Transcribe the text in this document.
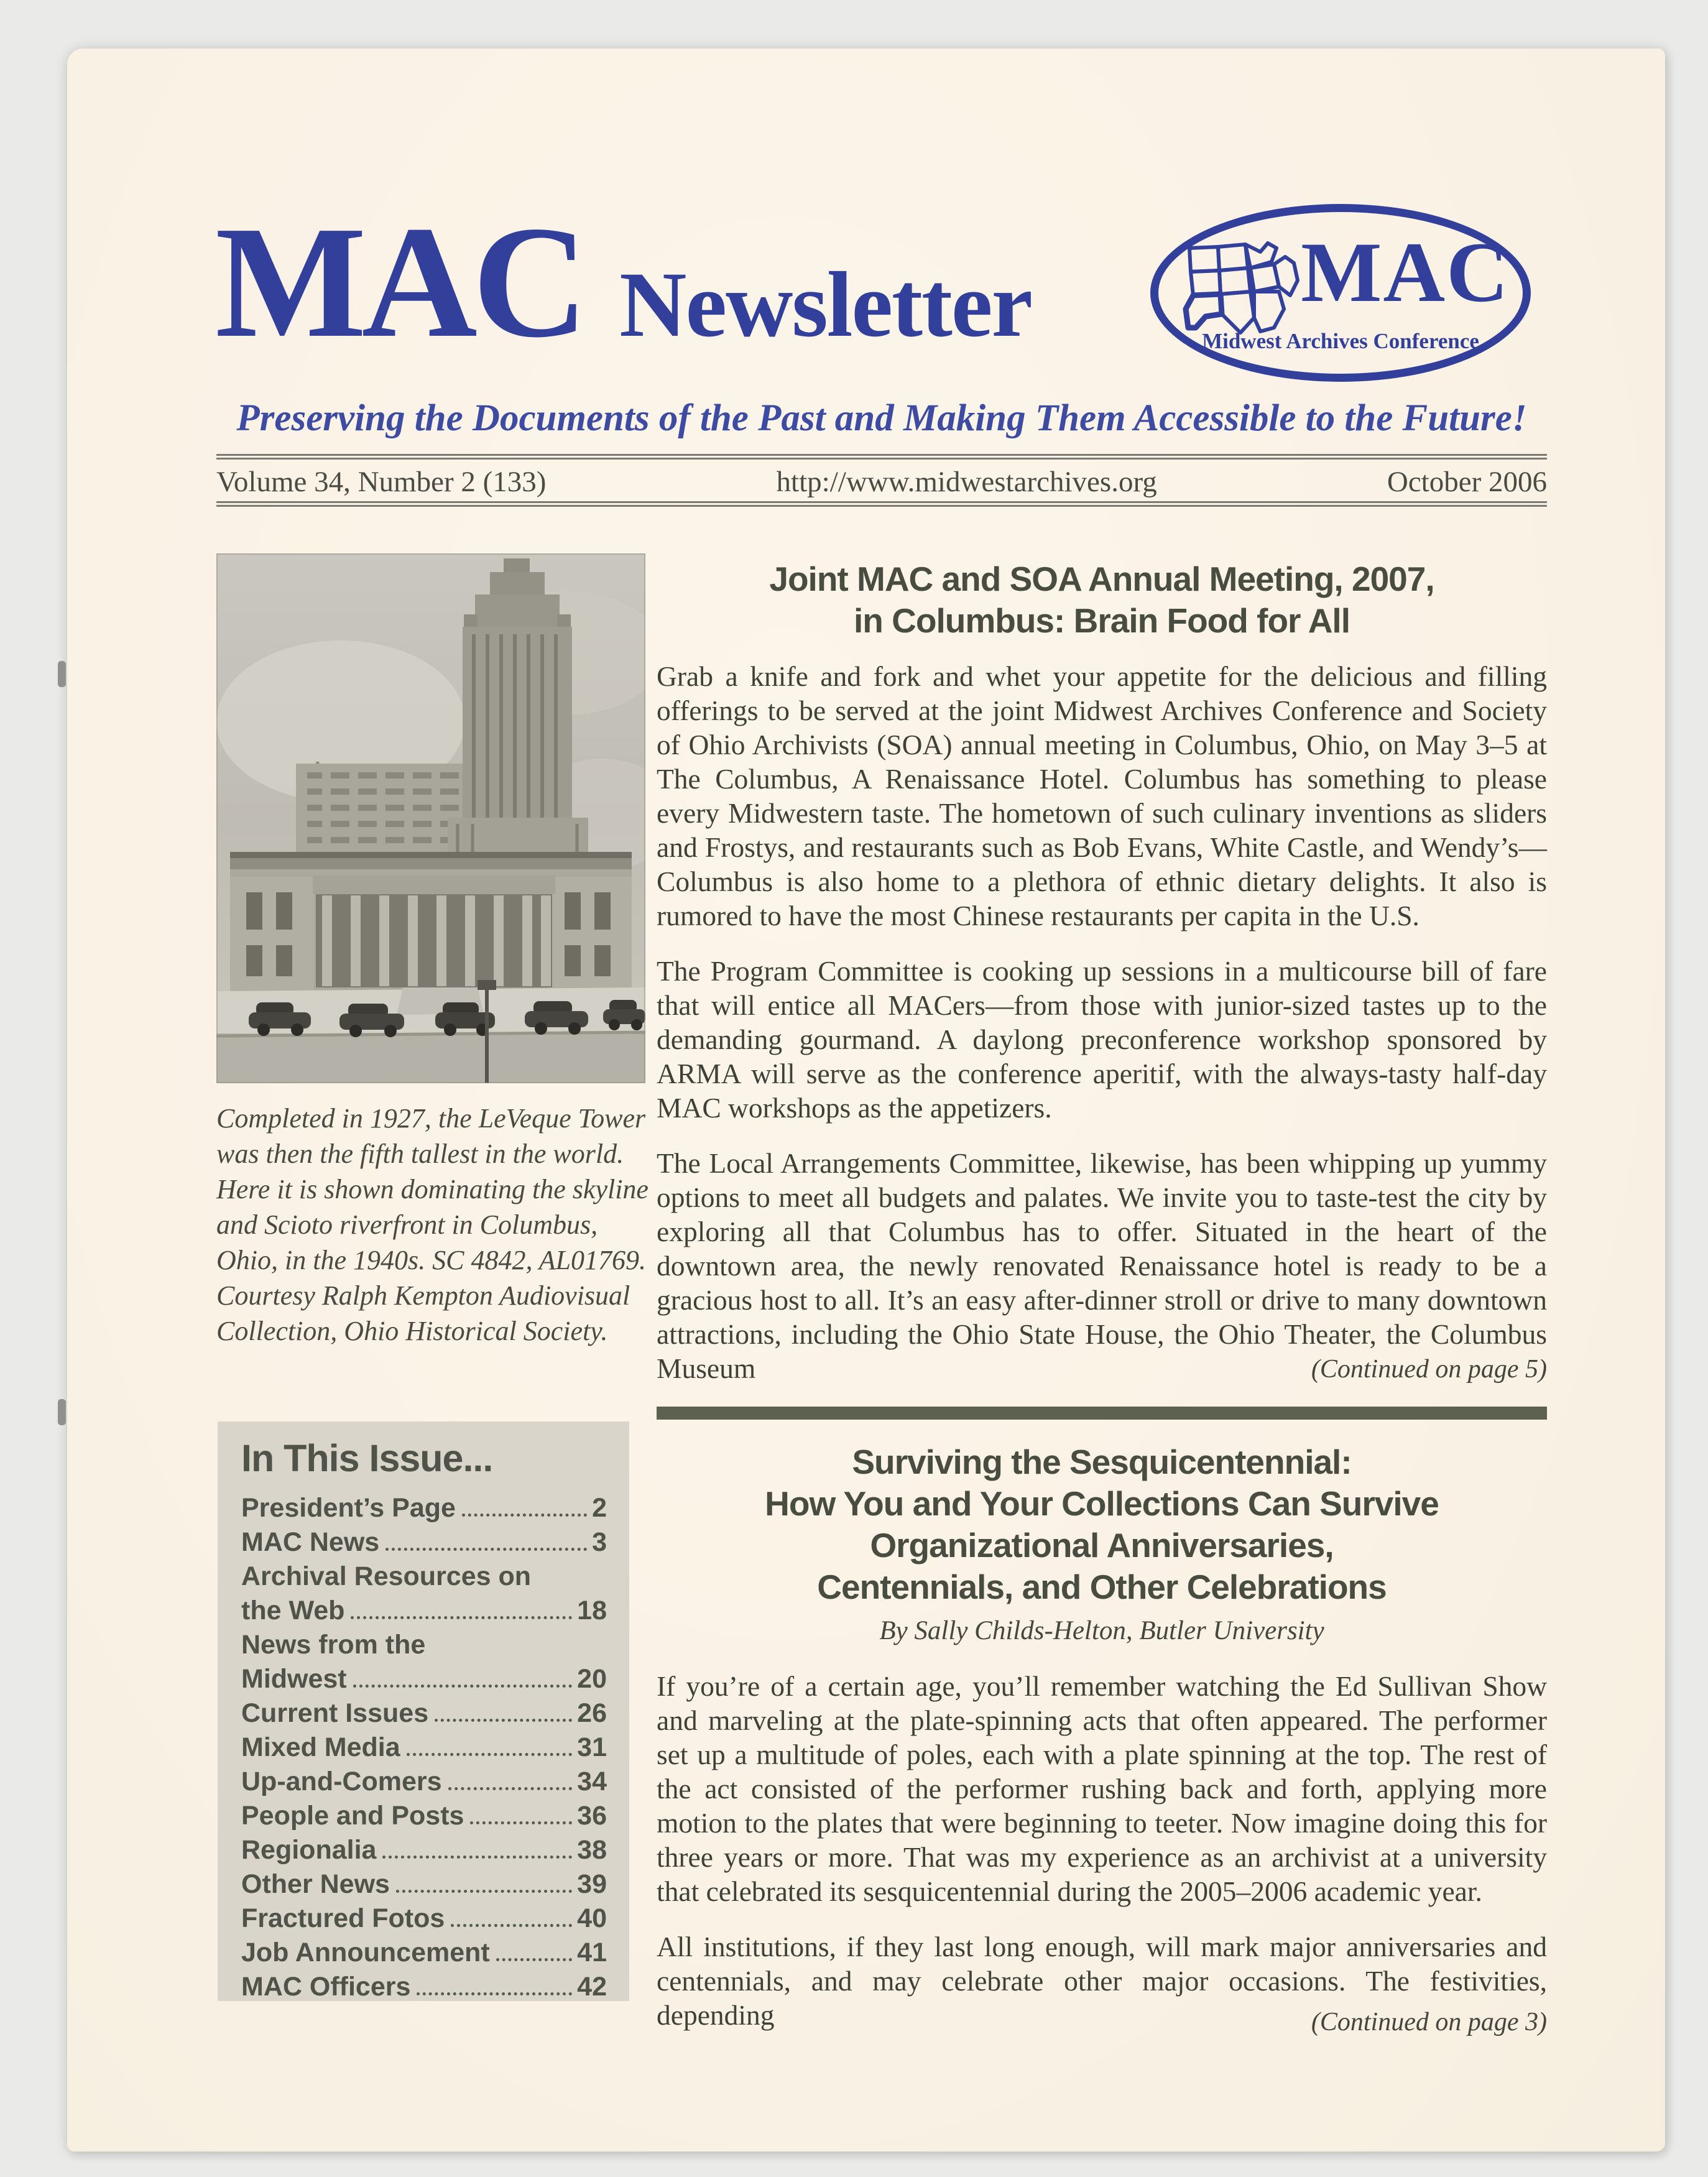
MAC Newsletter	MAC
Midwest Archives Conference
Preserving the Documents of the Past and Making Them Accessible to the Future!
Volume 34, Number 2 (133)	http://www.midwestarchives.org	October 2006
Completed in 1927, the LeVeque Tower was then the fifth tallest in the world. Here it is shown dominating the skyline and Scioto riverfront in Columbus, Ohio, in the 1940s. SC 4842, AL01769. Courtesy Ralph Kempton Audiovisual Collection, Ohio Historical Society.
In This Issue...
President’s Page	2
MAC News	3
Archival Resources on
the Web	18
News from the
Midwest	20
Current Issues	26
Mixed Media	31
Up-and-Comers	34
People and Posts	36
Regionalia	38
Other News	39
Fractured Fotos	40
Job Announcement	41
MAC Officers	42
Joint MAC and SOA Annual Meeting, 2007,
in Columbus: Brain Food for All

Grab a knife and fork and whet your appetite for the delicious and filling offerings to be served at the joint Midwest Archives Conference and Society of Ohio Archivists (SOA) annual meeting in Columbus, Ohio, on May 3–5 at The Columbus, A Renaissance Hotel. Columbus has something to please every Midwestern taste. The hometown of such culinary inventions as sliders and Frostys, and restaurants such as Bob Evans, White Castle, and Wendy’s—Columbus is also home to a plethora of ethnic dietary delights. It also is rumored to have the most Chinese restaurants per capita in the U.S.

The Program Committee is cooking up sessions in a multicourse bill of fare that will entice all MACers—from those with junior-sized tastes up to the demanding gourmand. A daylong preconference workshop sponsored by ARMA will serve as the conference aperitif, with the always-tasty half-day MAC workshops as the appetizers.

The Local Arrangements Committee, likewise, has been whipping up yummy options to meet all budgets and palates. We invite you to taste-test the city by exploring all that Columbus has to offer. Situated in the heart of the downtown area, the newly renovated Renaissance hotel is ready to be a gracious host to all. It’s an easy after-dinner stroll or drive to many downtown attractions, including the Ohio State House, the Ohio Theater, the Columbus Museum	(Continued on page 5)
Surviving the Sesquicentennial:
How You and Your Collections Can Survive
Organizational Anniversaries,
Centennials, and Other Celebrations
By Sally Childs-Helton, Butler University

If you’re of a certain age, you’ll remember watching the Ed Sullivan Show and marveling at the plate-spinning acts that often appeared. The performer set up a multitude of poles, each with a plate spinning at the top. The rest of the act consisted of the performer rushing back and forth, applying more motion to the plates that were beginning to teeter. Now imagine doing this for three years or more. That was my experience as an archivist at a university that celebrated its sesquicentennial during the 2005–2006 academic year.

All institutions, if they last long enough, will mark major anniversaries and centennials, and may celebrate other major occasions. The festivities, depending	(Continued on page 3)
